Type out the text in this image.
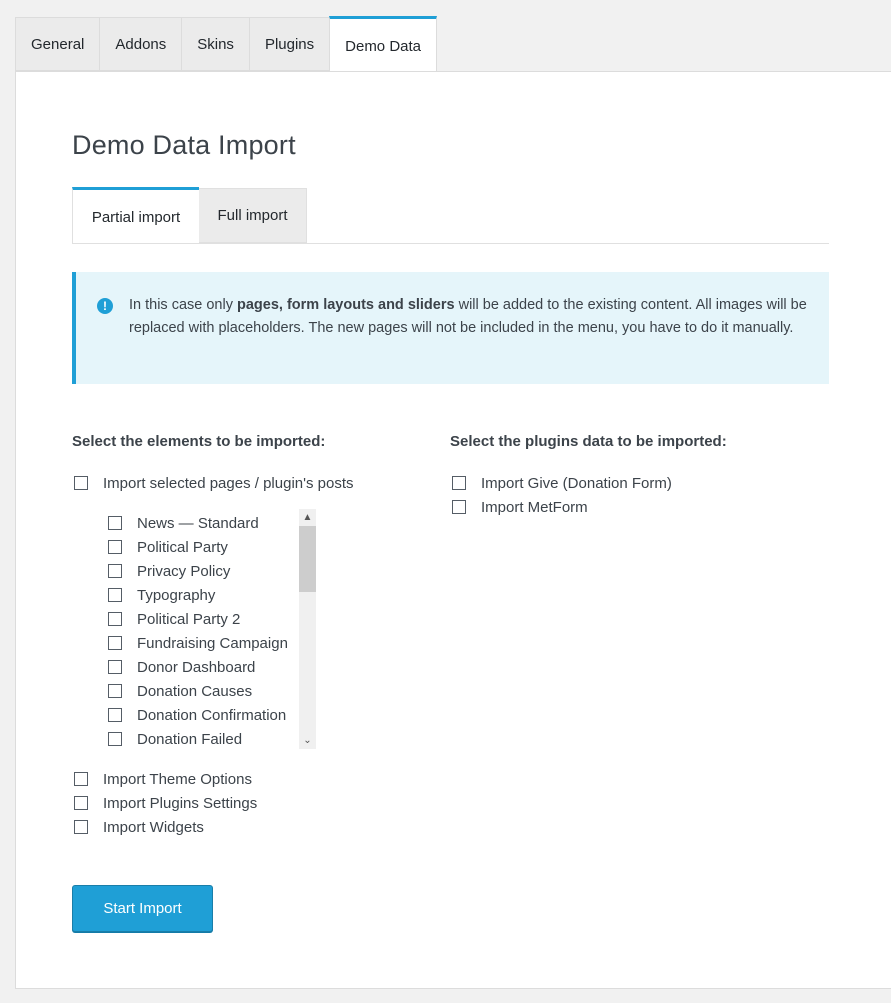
General	Addons	Skins	Plugins	Demo Data
Demo Data Import
Partial import	Full import
!	In this case only pages, form layouts and sliders will be added to the existing content. All images will be replaced with placeholders. The new pages will not be included in the menu, you have to do it manually.
Select the elements to be imported:
Import selected pages / plugin's posts
News — Standard
Political Party
Privacy Policy
Typography
Political Party 2
Fundraising Campaign
Donor Dashboard
Donation Causes
Donation Confirmation
Donation Failed
▲
⌄
Import Theme Options
Import Plugins Settings
Import Widgets
Select the plugins data to be imported:
Import Give (Donation Form)
Import MetForm
Start Import
